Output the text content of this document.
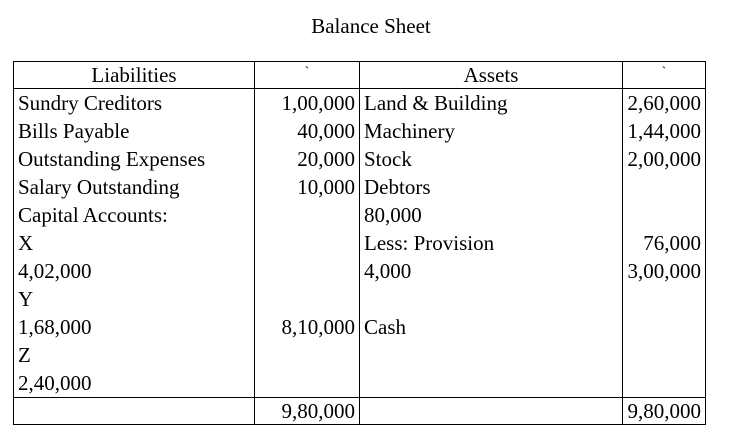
Balance Sheet
Liabilities	`	Assets	`
Sundry Creditors	1,00,000	Land & Building	2,60,000
Bills Payable	40,000	Machinery	1,44,000
Outstanding Expenses	20,000	Stock	2,00,000
Salary Outstanding	10,000	Debtors	
Capital Accounts:		80,000	
X		Less: Provision	76,000
4,02,000		4,000	3,00,000
Y			
1,68,000	8,10,000	Cash	
Z			
2,40,000			
	9,80,000		9,80,000
